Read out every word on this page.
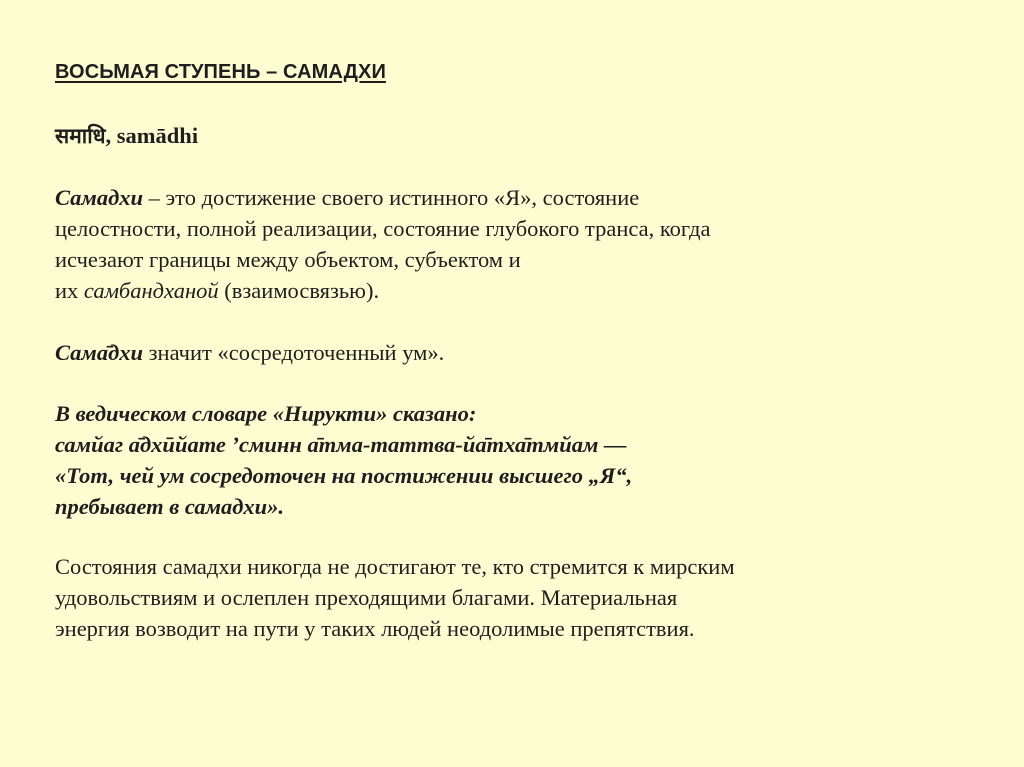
ВОСЬМАЯ СТУПЕНЬ – САМАДХИ

समाधि, samādhi

Самадхи – это достижение своего истинного «Я», состояние
целостности, полной реализации, состояние глубокого транса, когда
исчезают границы между объектом, субъектом и
их самбандханой (взаимосвязью).

Сама̄дхи значит «сосредоточенный ум».

В ведическом словаре «Нирукти» сказано:
самйаг а̄дхӣйате ’сминн а̄тма-таттва-йа̄тха̄тмйам —
«Тот, чей ум сосредоточен на постижении высшего „Я“,
пребывает в самадхи».

Состояния самадхи никогда не достигают те, кто стремится к мирским
удовольствиям и ослеплен преходящими благами. Материальная
энергия возводит на пути у таких людей неодолимые препятствия.
